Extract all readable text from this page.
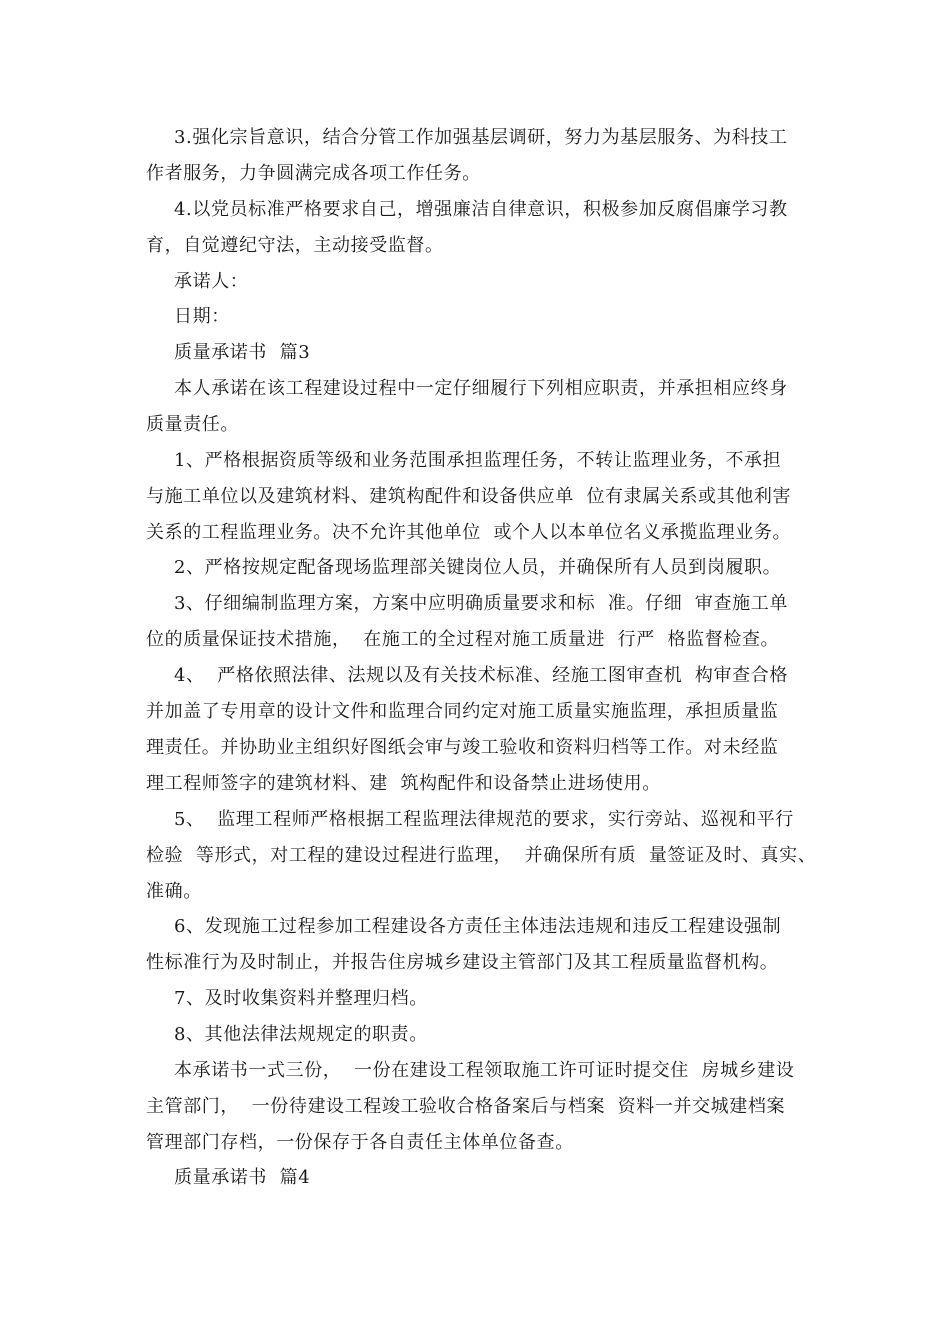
3.强化宗旨意识，结合分管工作加强基层调研，努力为基层服务、为科技工
作者服务，力争圆满完成各项工作任务。
4.以党员标准严格要求自己，增强廉洁自律意识，积极参加反腐倡廉学习教
育，自觉遵纪守法，主动接受监督。
承诺人：
日期：
质量承诺书  篇3
本人承诺在该工程建设过程中一定仔细履行下列相应职责，并承担相应终身
质量责任。
1、严格根据资质等级和业务范围承担监理任务，不转让监理业务，不承担
与施工单位以及建筑材料、建筑构配件和设备供应单  位有隶属关系或其他利害
关系的工程监理业务。决不允许其他单位  或个人以本单位名义承揽监理业务。
2、严格按规定配备现场监理部关键岗位人员，并确保所有人员到岗履职。
3、仔细编制监理方案，方案中应明确质量要求和标  准。仔细  审查施工单
位的质量保证技术措施，  在施工的全过程对施工质量进  行严  格监督检查。
4、  严格依照法律、法规以及有关技术标准、经施工图审查机  构审查合格
并加盖了专用章的设计文件和监理合同约定对施工质量实施监理，承担质量监
理责任。并协助业主组织好图纸会审与竣工验收和资料归档等工作。对未经监
理工程师签字的建筑材料、建  筑构配件和设备禁止进场使用。
5、  监理工程师严格根据工程监理法律规范的要求，实行旁站、巡视和平行
检验  等形式，对工程的建设过程进行监理，  并确保所有质  量签证及时、真实、
准确。
6、发现施工过程参加工程建设各方责任主体违法违规和违反工程建设强制
性标准行为及时制止，并报告住房城乡建设主管部门及其工程质量监督机构。
7、及时收集资料并整理归档。
8、其他法律法规规定的职责。
本承诺书一式三份，  一份在建设工程领取施工许可证时提交住  房城乡建设
主管部门，  一份待建设工程竣工验收合格备案后与档案  资料一并交城建档案
管理部门存档，一份保存于各自责任主体单位备查。
质量承诺书  篇4
